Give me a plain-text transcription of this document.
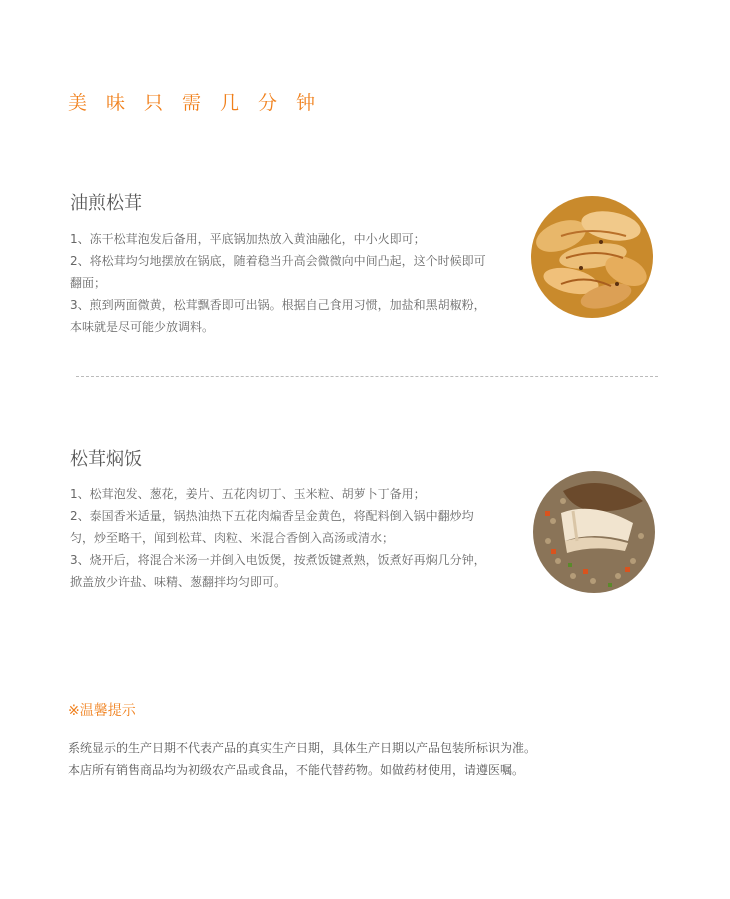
美味只需几分钟
油煎松茸

1、冻干松茸泡发后备用，平底锅加热放入黄油融化，中小火即可；

2、将松茸均匀地摆放在锅底，随着稳当升高会微微向中间凸起，这个时候即可翻面；

3、煎到两面微黄，松茸飘香即可出锅。根据自己食用习惯，加盐和黑胡椒粉，本味就是尽可能少放调料。

松茸焖饭

1、松茸泡发、葱花，姜片、五花肉切丁、玉米粒、胡萝卜丁备用；

2、泰国香米适量，锅热油热下五花肉煸香呈金黄色，将配料倒入锅中翻炒均匀，炒至略干，闻到松茸、肉粒、米混合香倒入高汤或清水；

3、烧开后，将混合米汤一并倒入电饭煲，按煮饭键煮熟，饭煮好再焖几分钟，掀盖放少许盐、味精、葱翻拌均匀即可。

※温馨提示

系统显示的生产日期不代表产品的真实生产日期，具体生产日期以产品包装所标识为准。

本店所有销售商品均为初级农产品或食品，不能代替药物。如做药材使用，请遵医嘱。
